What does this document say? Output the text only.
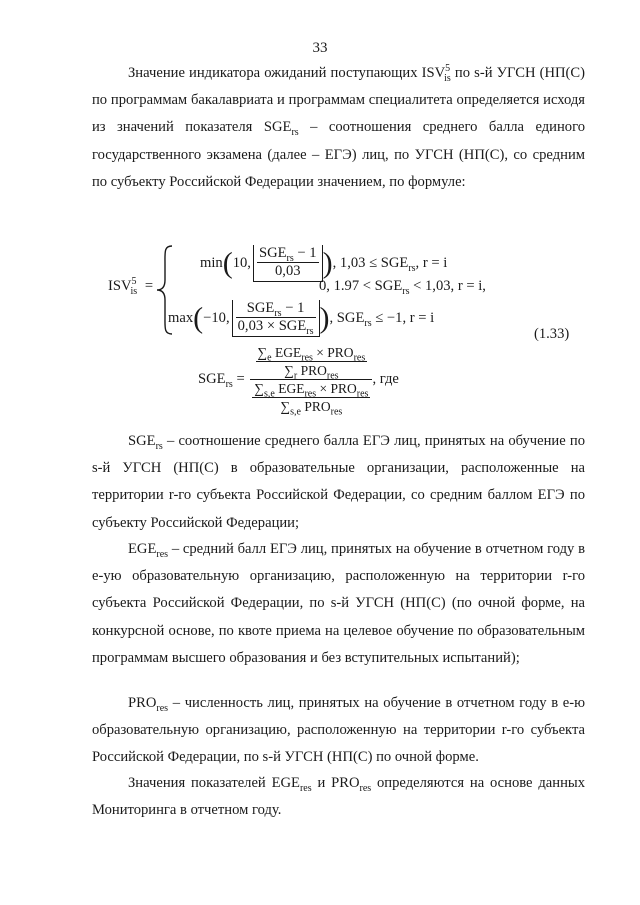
33
Значение индикатора ожиданий поступающих $ISV^5_{is}$ по s-й УГСН (НП(С) по программам бакалавриата и программам специалитета определяется исходя из значений показателя $SGE_{rs}$ – соотношения среднего балла единого государственного экзамена (далее – ЕГЭ) лиц, по УГСН (НП(С), со средним по субъекту Российской Федерации значением, по формуле:
$ISV^5_{is}$ =
min(10, $\frac{SGE_{rs} - 1}{0,03}$ ), $1,03 \le SGE_{rs}$, r = i
0, $1.97 < SGE_{rs} < 1,03$, r = i,
max(−10, $\frac{SGE_{rs} - 1}{0,03 \times SGE_{rs}}$ ), $SGE_{rs} \le -1$, r = i
(1.33)
$SGE_{rs} = \frac{\frac{\sum_e EGE_{res} \times PRO_{res}}{\sum_r PRO_{res}}}{\frac{\sum_{s,e} EGE_{res} \times PRO_{res}}{\sum_{s,e} PRO_{res}}}$ , где
$SGE_{rs}$ – соотношение среднего балла ЕГЭ лиц, принятых на обучение по s-й УГСН (НП(С) в образовательные организации, расположенные на территории r-го субъекта Российской Федерации, со средним баллом ЕГЭ по субъекту Российской Федерации;
$EGE_{res}$ – средний балл ЕГЭ лиц, принятых на обучение в отчетном году в е-ую образовательную организацию, расположенную на территории r-го субъекта Российской Федерации, по s-й УГСН (НП(С) (по очной форме, на конкурсной основе, по квоте приема на целевое обучение по образовательным программам высшего образования и без вступительных испытаний);
$PRO_{res}$ – численность лиц, принятых на обучение в отчетном году в е-ю образовательную организацию, расположенную на территории r-го субъекта Российской Федерации, по s-й УГСН (НП(С) по очной форме.
Значения показателей $EGE_{res}$ и $PRO_{res}$ определяются на основе данных Мониторинга в отчетном году.
